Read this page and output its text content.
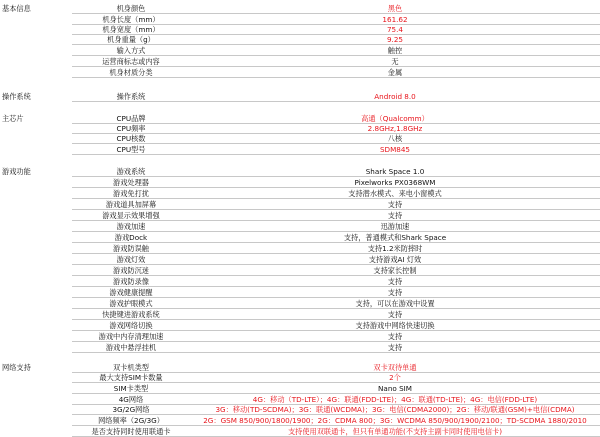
基本信息	机身颜色	黑色
机身长度（mm）	161.62
机身宽度（mm）	75.4
机身重量（g）	9.25
输入方式	触控
运营商标志或内容	无
机身材质分类	金属
操作系统	操作系统	Android 8.0
主芯片	CPU品牌	高通（Qualcomm）
CPU频率	2.8GHz,1.8GHz
CPU核数	八核
CPU型号	SDM845
游戏功能	游戏系统	Shark Space 1.0
游戏处理器	Pixelworks PX0368WM
游戏免打扰	支持潜水模式、来电小窗模式
游戏道具加屏幕	支持
游戏显示效果增强	支持
游戏加速	迅游加速
游戏Dock	支持，普通模式和Shark Space
游戏防误触	支持1.2米防摔时
游戏灯效	支持游戏AI 灯效
游戏防沉迷	支持家长控制
游戏防录像	支持
游戏健康提醒	支持
游戏护眼模式	支持，可以在游戏中设置
快捷键进游戏系统	支持
游戏网络切换	支持游戏中网络快速切换
游戏中内存清理加速	支持
游戏中悬浮挂机	支持
网络支持	双卡机类型	双卡双待单通
最大支持SIM卡数量	2个
SIM卡类型	Nano SIM
4G网络	4G：移动（TD-LTE）；4G：联通(FDD-LTE)；4G：联通(TD-LTE)；4G：电信(FDD-LTE)
3G/2G网络	3G：移动(TD-SCDMA)；3G：联通(WCDMA)；3G：电信(CDMA2000)；2G：移动/联通(GSM)+电信(CDMA)
网络频率（2G/3G）	2G：GSM 850/900/1800/1900；2G：CDMA 800；3G：WCDMA 850/900/1900/2100；TD-SCDMA 1880/2010
是否支持同时使用联通卡	支持使用双联通卡，但只有单通功能(不支持主副卡同时使用电信卡)
